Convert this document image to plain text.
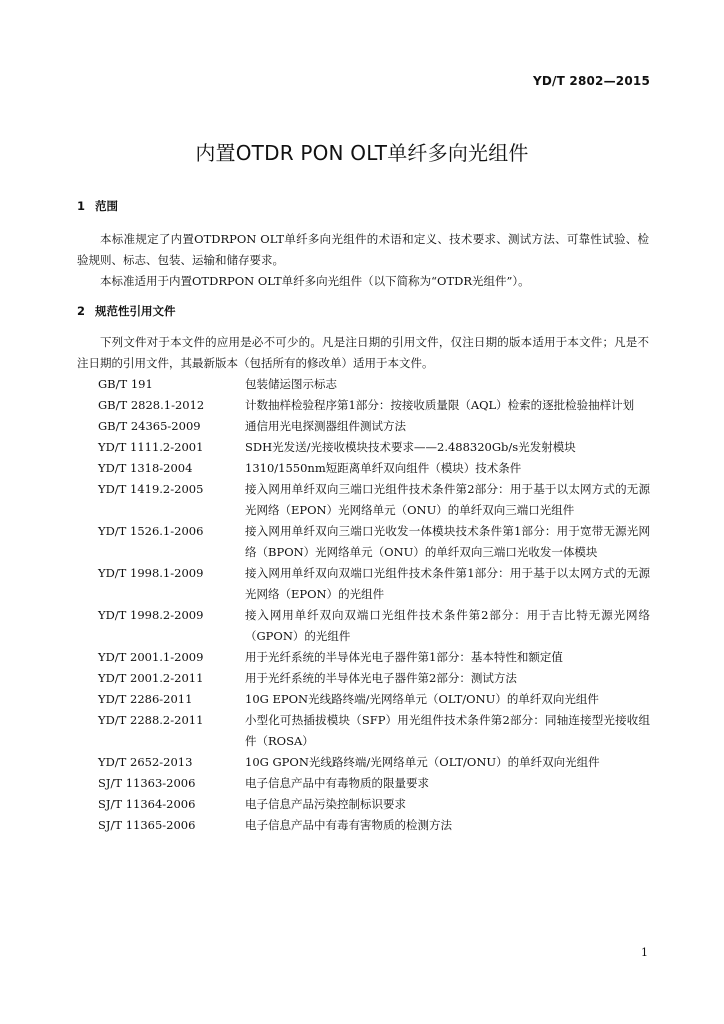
YD/T 2802—2015
内置OTDR PON OLT单纤多向光组件
1 范围
本标准规定了内置OTDRPON OLT单纤多向光组件的术语和定义、技术要求、测试方法、可靠性试验、检验规则、标志、包装、运输和储存要求。
本标准适用于内置OTDRPON OLT单纤多向光组件（以下简称为“OTDR光组件”）。
2 规范性引用文件
下列文件对于本文件的应用是必不可少的。凡是注日期的引用文件，仅注日期的版本适用于本文件；凡是不注日期的引用文件，其最新版本（包括所有的修改单）适用于本文件。
GB/T 191	包装储运图示标志
GB/T 2828.1-2012	计数抽样检验程序第1部分：按接收质量限（AQL）检索的逐批检验抽样计划
GB/T 24365-2009	通信用光电探测器组件测试方法
YD/T 1111.2-2001	SDH光发送/光接收模块技术要求——2.488320Gb/s光发射模块
YD/T 1318-2004	1310/1550nm短距离单纤双向组件（模块）技术条件
YD/T 1419.2-2005	接入网用单纤双向三端口光组件技术条件第2部分：用于基于以太网方式的无源光网络（EPON）光网络单元（ONU）的单纤双向三端口光组件
YD/T 1526.1-2006	接入网用单纤双向三端口光收发一体模块技术条件第1部分：用于宽带无源光网络（BPON）光网络单元（ONU）的单纤双向三端口光收发一体模块
YD/T 1998.1-2009	接入网用单纤双向双端口光组件技术条件第1部分：用于基于以太网方式的无源光网络（EPON）的光组件
YD/T 1998.2-2009	接入网用单纤双向双端口光组件技术条件第2部分：用于吉比特无源光网络（GPON）的光组件
YD/T 2001.1-2009	用于光纤系统的半导体光电子器件第1部分：基本特性和额定值
YD/T 2001.2-2011	用于光纤系统的半导体光电子器件第2部分：测试方法
YD/T 2286-2011	10G EPON光线路终端/光网络单元（OLT/ONU）的单纤双向光组件
YD/T 2288.2-2011	小型化可热插拔模块（SFP）用光组件技术条件第2部分：同轴连接型光接收组件（ROSA）
YD/T 2652-2013	10G GPON光线路终端/光网络单元（OLT/ONU）的单纤双向光组件
SJ/T 11363-2006	电子信息产品中有毒物质的限量要求
SJ/T 11364-2006	电子信息产品污染控制标识要求
SJ/T 11365-2006	电子信息产品中有毒有害物质的检测方法
1
